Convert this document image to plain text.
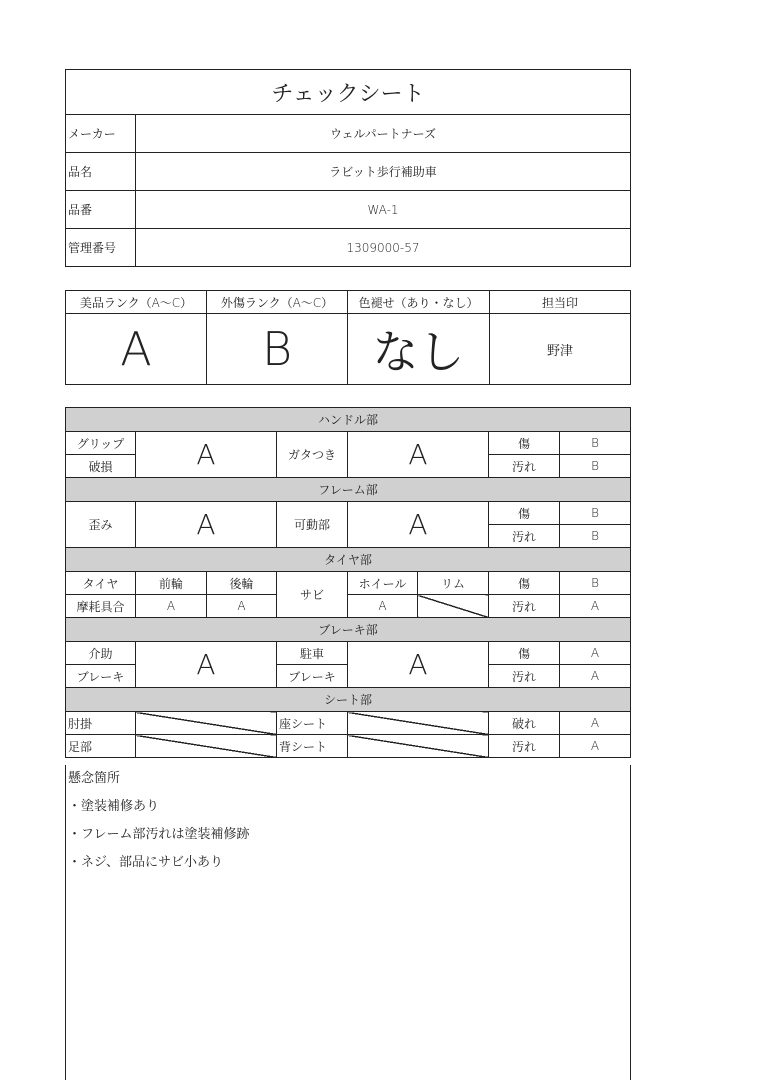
チェックシート	
メーカー	ウェルパートナーズ
品名	ラビット歩行補助車
品番	WA-1
管理番号	1309000-57
美品ランク（A～C）	外傷ランク（A～C）	色褪せ（あり・なし）	担当印
A	B	なし	野津
ハンドル部							
グリップ	A		ガタつき	A		傷	B
破損						汚れ	B
フレーム部							
歪み	A		可動部	A		傷	B
						汚れ	B
タイヤ部							
タイヤ	前輪	後輪	サビ	ホイール	リム	傷	B
摩耗具合	A	A		A		汚れ	A
ブレーキ部							
介助	A		駐車	A		傷	A
ブレーキ			ブレーキ			汚れ	A
シート部							
肘掛			座シート			破れ	A
足部			背シート			汚れ	A
懸念箇所
・塗装補修あり
・フレーム部汚れは塗装補修跡
・ネジ、部品にサビ小あり
